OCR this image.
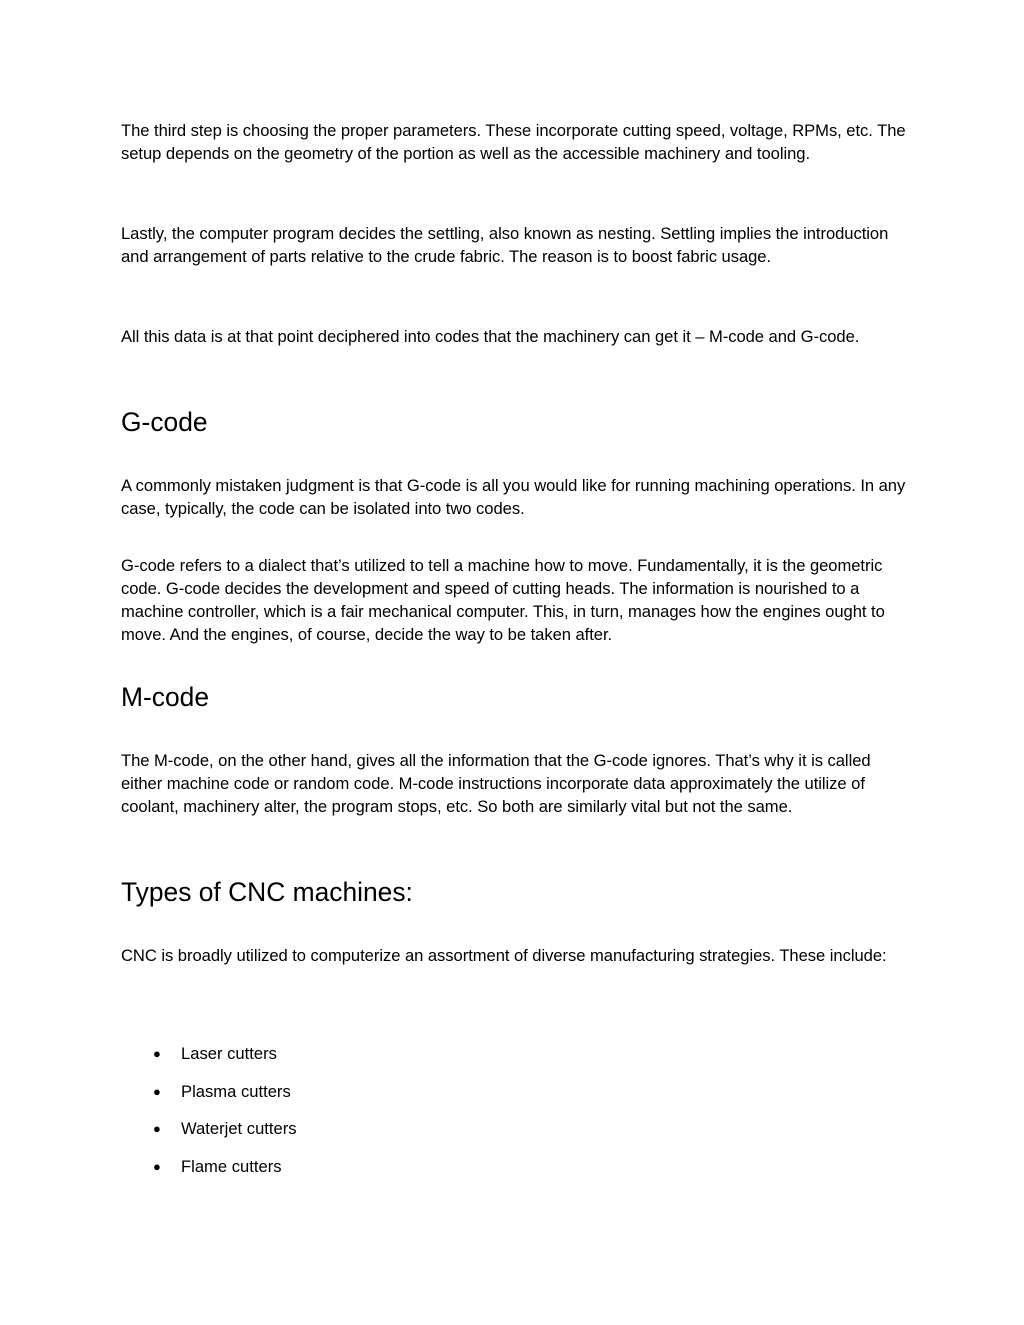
The third step is choosing the proper parameters. These incorporate cutting speed, voltage, RPMs, etc. The setup depends on the geometry of the portion as well as the accessible machinery and tooling.

Lastly, the computer program decides the settling, also known as nesting. Settling implies the introduction and arrangement of parts relative to the crude fabric. The reason is to boost fabric usage.

All this data is at that point deciphered into codes that the machinery can get it – M-code and G-code.

G-code

A commonly mistaken judgment is that G-code is all you would like for running machining operations. In any case, typically, the code can be isolated into two codes.

G-code refers to a dialect that’s utilized to tell a machine how to move. Fundamentally, it is the geometric code. G-code decides the development and speed of cutting heads. The information is nourished to a machine controller, which is a fair mechanical computer. This, in turn, manages how the engines ought to move. And the engines, of course, decide the way to be taken after.

M-code

The M-code, on the other hand, gives all the information that the G-code ignores. That’s why it is called either machine code or random code. M-code instructions incorporate data approximately the utilize of coolant, machinery alter, the program stops, etc. So both are similarly vital but not the same.

Types of CNC machines:

CNC is broadly utilized to computerize an assortment of diverse manufacturing strategies. These include:

● Laser cutters
● Plasma cutters
● Waterjet cutters
● Flame cutters
